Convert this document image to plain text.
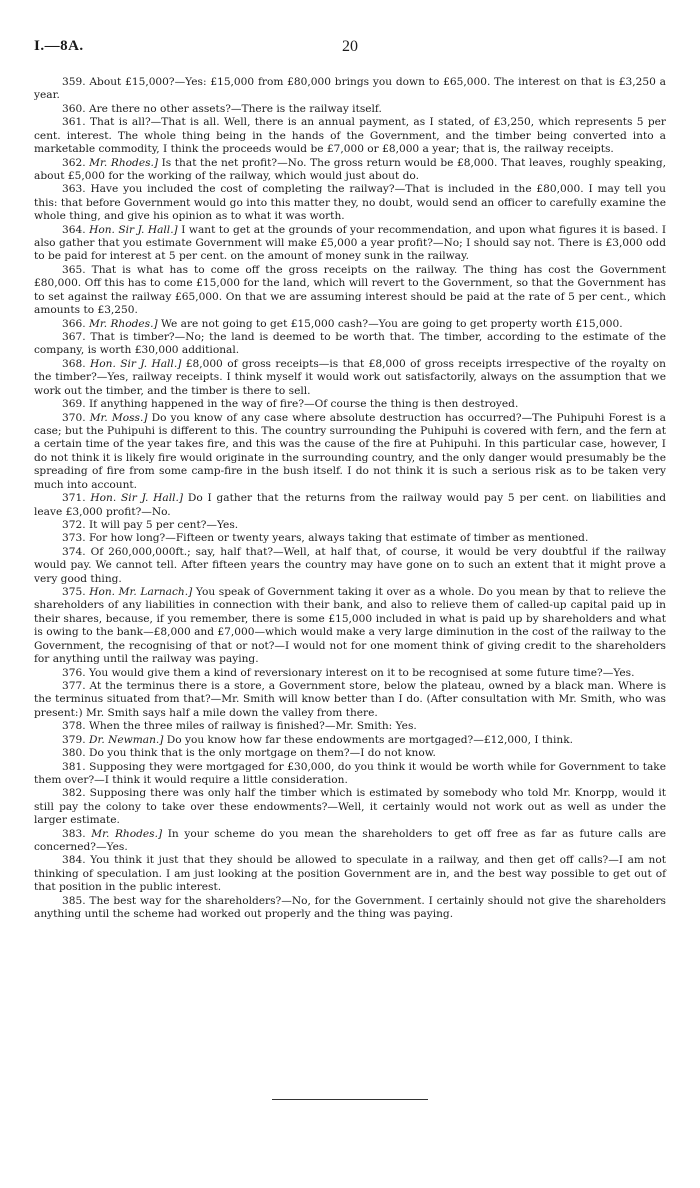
I.—8A.	20

359. About £15,000?—Yes: £15,000 from £80,000 brings you down to £65,000. The interest on that is £3,250 a year.

360. Are there no other assets?—There is the railway itself.

361. That is all?—That is all. Well, there is an annual payment, as I stated, of £3,250, which represents 5 per cent. interest. The whole thing being in the hands of the Government, and the timber being converted into a marketable commodity, I think the proceeds would be £7,000 or £8,000 a year; that is, the railway receipts.

362. Mr. Rhodes.] Is that the net profit?—No. The gross return would be £8,000. That leaves, roughly speaking, about £5,000 for the working of the railway, which would just about do.

363. Have you included the cost of completing the railway?—That is included in the £80,000. I may tell you this: that before Government would go into this matter they, no doubt, would send an officer to carefully examine the whole thing, and give his opinion as to what it was worth.

364. Hon. Sir J. Hall.] I want to get at the grounds of your recommendation, and upon what figures it is based. I also gather that you estimate Government will make £5,000 a year profit?—No; I should say not. There is £3,000 odd to be paid for interest at 5 per cent. on the amount of money sunk in the railway.

365. That is what has to come off the gross receipts on the railway. The thing has cost the Government £80,000. Off this has to come £15,000 for the land, which will revert to the Government, so that the Government has to set against the railway £65,000. On that we are assuming interest should be paid at the rate of 5 per cent., which amounts to £3,250.

366. Mr. Rhodes.] We are not going to get £15,000 cash?—You are going to get property worth £15,000.

367. That is timber?—No; the land is deemed to be worth that. The timber, according to the estimate of the company, is worth £30,000 additional.

368. Hon. Sir J. Hall.] £8,000 of gross receipts—is that £8,000 of gross receipts irrespective of the royalty on the timber?—Yes, railway receipts. I think myself it would work out satisfactorily, always on the assumption that we work out the timber, and the timber is there to sell.

369. If anything happened in the way of fire?—Of course the thing is then destroyed.

370. Mr. Moss.] Do you know of any case where absolute destruction has occurred?—The Puhipuhi Forest is a case; but the Puhipuhi is different to this. The country surrounding the Puhipuhi is covered with fern, and the fern at a certain time of the year takes fire, and this was the cause of the fire at Puhipuhi. In this particular case, however, I do not think it is likely fire would originate in the surrounding country, and the only danger would presumably be the spreading of fire from some camp-fire in the bush itself. I do not think it is such a serious risk as to be taken very much into account.

371. Hon. Sir J. Hall.] Do I gather that the returns from the railway would pay 5 per cent. on liabilities and leave £3,000 profit?—No.

372. It will pay 5 per cent?—Yes.

373. For how long?—Fifteen or twenty years, always taking that estimate of timber as mentioned.

374. Of 260,000,000ft.; say, half that?—Well, at half that, of course, it would be very doubtful if the railway would pay. We cannot tell. After fifteen years the country may have gone on to such an extent that it might prove a very good thing.

375. Hon. Mr. Larnach.] You speak of Government taking it over as a whole. Do you mean by that to relieve the shareholders of any liabilities in connection with their bank, and also to relieve them of called-up capital paid up in their shares, because, if you remember, there is some £15,000 included in what is paid up by shareholders and what is owing to the bank—£8,000 and £7,000—which would make a very large diminution in the cost of the railway to the Government, the recognising of that or not?—I would not for one moment think of giving credit to the shareholders for anything until the railway was paying.

376. You would give them a kind of reversionary interest on it to be recognised at some future time?—Yes.

377. At the terminus there is a store, a Government store, below the plateau, owned by a black man. Where is the terminus situated from that?—Mr. Smith will know better than I do. (After consultation with Mr. Smith, who was present:) Mr. Smith says half a mile down the valley from there.

378. When the three miles of railway is finished?—Mr. Smith: Yes.

379. Dr. Newman.] Do you know how far these endowments are mortgaged?—£12,000, I think.

380. Do you think that is the only mortgage on them?—I do not know.

381. Supposing they were mortgaged for £30,000, do you think it would be worth while for Government to take them over?—I think it would require a little consideration.

382. Supposing there was only half the timber which is estimated by somebody who told Mr. Knorpp, would it still pay the colony to take over these endowments?—Well, it certainly would not work out as well as under the larger estimate.

383. Mr. Rhodes.] In your scheme do you mean the shareholders to get off free as far as future calls are concerned?—Yes.

384. You think it just that they should be allowed to speculate in a railway, and then get off calls?—I am not thinking of speculation. I am just looking at the position Government are in, and the best way possible to get out of that position in the public interest.

385. The best way for the shareholders?—No, for the Government. I certainly should not give the shareholders anything until the scheme had worked out properly and the thing was paying.
